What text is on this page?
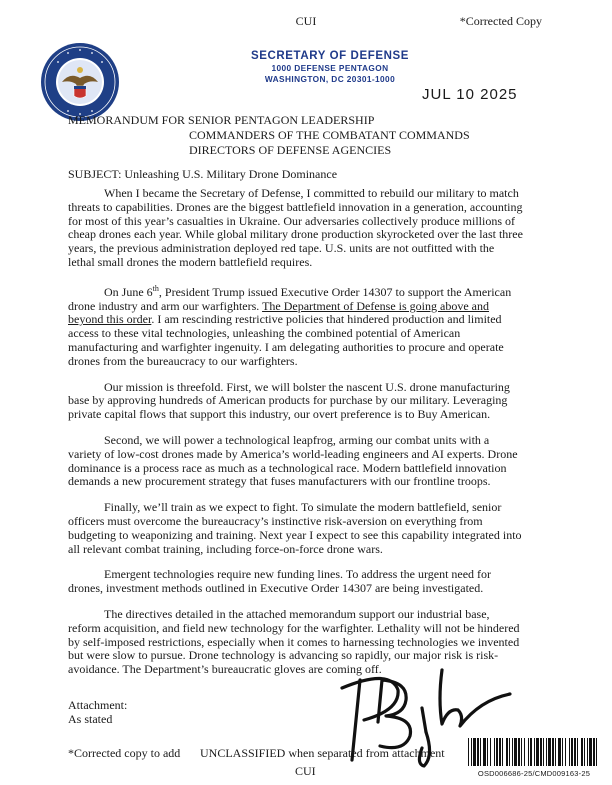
CUI	*Corrected Copy
SECRETARY OF DEFENSE
1000 DEFENSE PENTAGON
WASHINGTON, DC 20301-1000
JUL 10 2025
MEMORANDUM FOR SENIOR PENTAGON LEADERSHIP
COMMANDERS OF THE COMBATANT COMMANDS
DIRECTORS OF DEFENSE AGENCIES
SUBJECT: Unleashing U.S. Military Drone Dominance

When I became the Secretary of Defense, I committed to rebuild our military to match threats to capabilities. Drones are the biggest battlefield innovation in a generation, accounting for most of this year’s casualties in Ukraine. Our adversaries collectively produce millions of cheap drones each year. While global military drone production skyrocketed over the last three years, the previous administration deployed red tape. U.S. units are not outfitted with the lethal small drones the modern battlefield requires.

On June 6th, President Trump issued Executive Order 14307 to support the American drone industry and arm our warfighters. The Department of Defense is going above and beyond this order. I am rescinding restrictive policies that hindered production and limited access to these vital technologies, unleashing the combined potential of American manufacturing and warfighter ingenuity. I am delegating authorities to procure and operate drones from the bureaucracy to our warfighters.

Our mission is threefold. First, we will bolster the nascent U.S. drone manufacturing base by approving hundreds of American products for purchase by our military. Leveraging private capital flows that support this industry, our overt preference is to Buy American.

Second, we will power a technological leapfrog, arming our combat units with a variety of low-cost drones made by America’s world-leading engineers and AI experts. Drone dominance is a process race as much as a technological race. Modern battlefield innovation demands a new procurement strategy that fuses manufacturers with our frontline troops.

Finally, we’ll train as we expect to fight. To simulate the modern battlefield, senior officers must overcome the bureaucracy’s instinctive risk-aversion on everything from budgeting to weaponizing and training. Next year I expect to see this capability integrated into all relevant combat training, including force-on-force drone wars.

Emergent technologies require new funding lines. To address the urgent need for drones, investment methods outlined in Executive Order 14307 are being investigated.

The directives detailed in the attached memorandum support our industrial base, reform acquisition, and field new technology for the warfighter. Lethality will not be hindered by self-imposed restrictions, especially when it comes to harnessing technologies we invented but were slow to pursue. Drone technology is advancing so rapidly, our major risk is risk-avoidance. The Department’s bureaucratic gloves are coming off.

Attachment:
As stated
*Corrected copy to add UNCLASSIFIED when separated from attachment
CUI	OSD006686-25/CMD009163-25
